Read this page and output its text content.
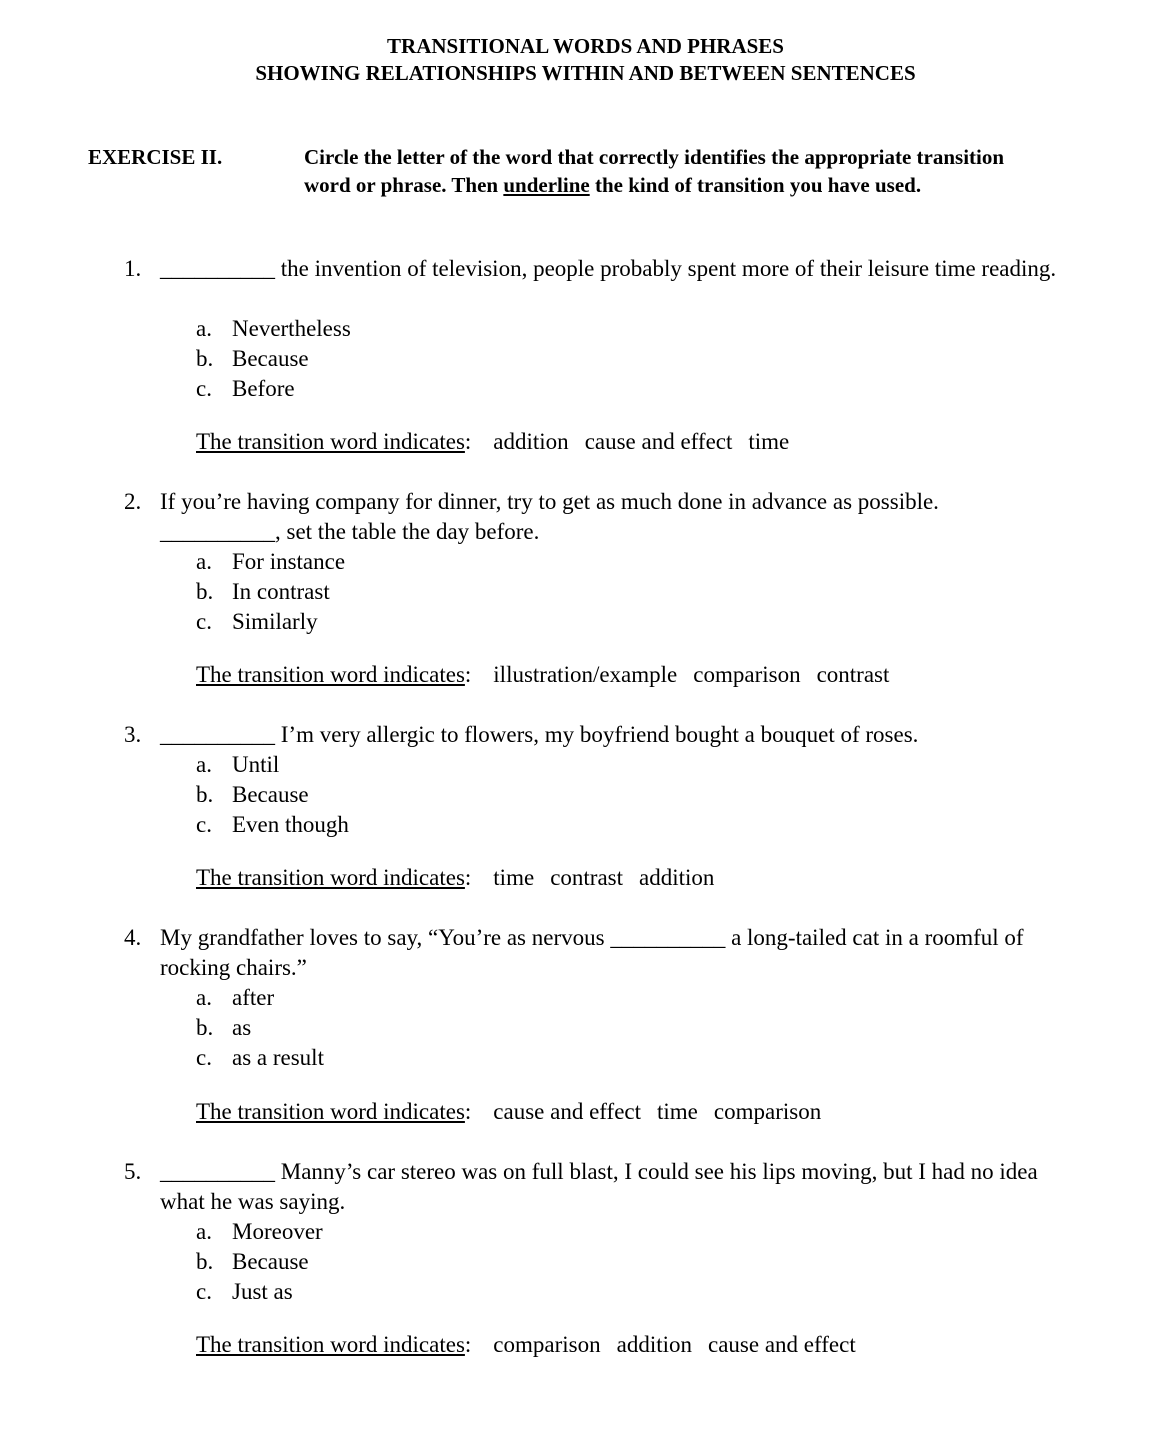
TRANSITIONAL WORDS AND PHRASES
SHOWING RELATIONSHIPS WITHIN AND BETWEEN SENTENCES
EXERCISE II.	Circle the letter of the word that correctly identifies the appropriate transition word or phrase. Then underline the kind of transition you have used.
1. __________ the invention of television, people probably spent more of their leisure time reading.
a. Nevertheless
b. Because
c. Before
The transition word indicates: addition cause and effect time
2. If you’re having company for dinner, try to get as much done in advance as possible. __________, set the table the day before.
a. For instance
b. In contrast
c. Similarly
The transition word indicates: illustration/example comparison contrast
3. __________ I’m very allergic to flowers, my boyfriend bought a bouquet of roses.
a. Until
b. Because
c. Even though
The transition word indicates: time contrast addition
4. My grandfather loves to say, “You’re as nervous __________ a long-tailed cat in a roomful of rocking chairs.”
a. after
b. as
c. as a result
The transition word indicates: cause and effect time comparison
5. __________ Manny’s car stereo was on full blast, I could see his lips moving, but I had no idea what he was saying.
a. Moreover
b. Because
c. Just as
The transition word indicates: comparison addition cause and effect
